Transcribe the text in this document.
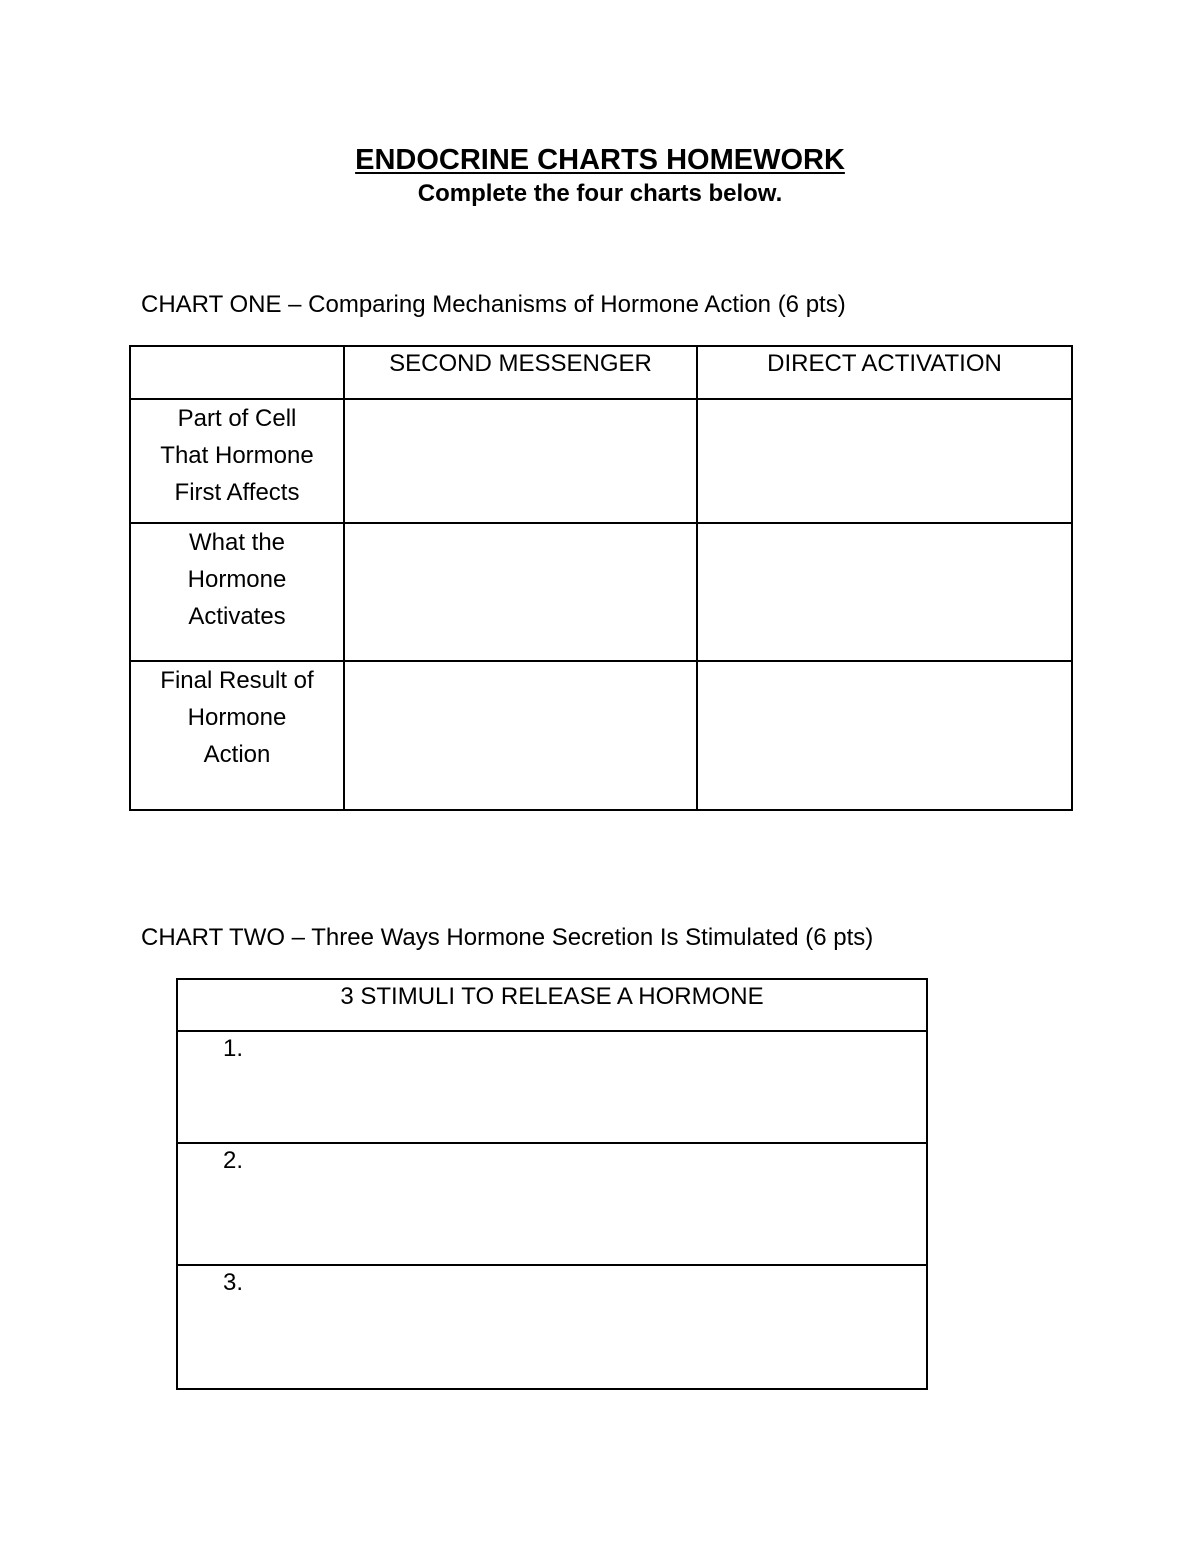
ENDOCRINE CHARTS HOMEWORK
Complete the four charts below.
CHART ONE – Comparing Mechanisms of Hormone Action (6 pts)
	SECOND MESSENGER	DIRECT ACTIVATION

Part of Cell
That Hormone
First Affects		

What the
Hormone
Activates		

Final Result of
Hormone
Action		

CHART TWO – Three Ways Hormone Secretion Is Stimulated (6 pts)
3 STIMULI TO RELEASE A HORMONE
1.
2.
3.
